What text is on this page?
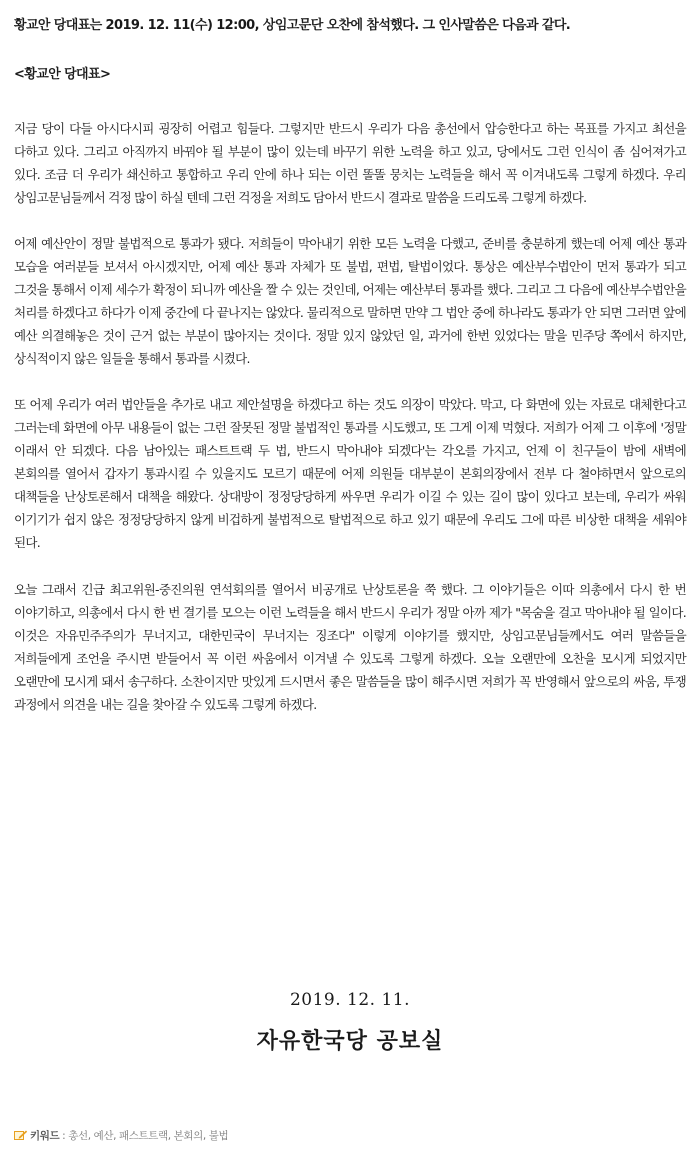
황교안 당대표는 2019. 12. 11(수) 12:00, 상임고문단 오찬에 참석했다. 그 인사말씀은 다음과 같다.

<황교안 당대표>

지금 당이 다들 아시다시피 굉장히 어렵고 힘들다. 그렇지만 반드시 우리가 다음 총선에서 압승한다고 하는 목표를 가지고 최선을 다하고 있다. 그리고 아직까지 바꿔야 될 부분이 많이 있는데 바꾸기 위한 노력을 하고 있고, 당에서도 그런 인식이 좀 심어져가고 있다. 조금 더 우리가 쇄신하고 통합하고 우리 안에 하나 되는 이런 똘똘 뭉치는 노력들을 해서 꼭 이겨내도록 그렇게 하겠다. 우리 상임고문님들께서 걱정 많이 하실 텐데 그런 걱정을 저희도 담아서 반드시 결과로 말씀을 드리도록 그렇게 하겠다.

어제 예산안이 정말 불법적으로 통과가 됐다. 저희들이 막아내기 위한 모든 노력을 다했고, 준비를 충분하게 했는데 어제 예산 통과 모습을 여러분들 보셔서 아시겠지만, 어제 예산 통과 자체가 또 불법, 편법, 탈법이었다. 통상은 예산부수법안이 먼저 통과가 되고 그것을 통해서 이제 세수가 확정이 되니까 예산을 짤 수 있는 것인데, 어제는 예산부터 통과를 했다. 그리고 그 다음에 예산부수법안을 처리를 하겠다고 하다가 이제 중간에 다 끝나지는 않았다. 물리적으로 말하면 만약 그 법안 중에 하나라도 통과가 안 되면 그러면 앞에 예산 의결해놓은 것이 근거 없는 부분이 많아지는 것이다. 정말 있지 않았던 일, 과거에 한번 있었다는 말을 민주당 쪽에서 하지만, 상식적이지 않은 일들을 통해서 통과를 시켰다.

또 어제 우리가 여러 법안들을 추가로 내고 제안설명을 하겠다고 하는 것도 의장이 막았다. 막고, 다 화면에 있는 자료로 대체한다고 그러는데 화면에 아무 내용들이 없는 그런 잘못된 정말 불법적인 통과를 시도했고, 또 그게 이제 먹혔다. 저희가 어제 그 이후에 '정말 이래서 안 되겠다. 다음 남아있는 패스트트랙 두 법, 반드시 막아내야 되겠다'는 각오를 가지고, 언제 이 친구들이 밤에 새벽에 본회의를 열어서 갑자기 통과시킬 수 있을지도 모르기 때문에 어제 의원들 대부분이 본회의장에서 전부 다 철야하면서 앞으로의 대책들을 난상토론해서 대책을 해왔다. 상대방이 정정당당하게 싸우면 우리가 이길 수 있는 길이 많이 있다고 보는데, 우리가 싸워 이기기가 쉽지 않은 정정당당하지 않게 비겁하게 불법적으로 탈법적으로 하고 있기 때문에 우리도 그에 따른 비상한 대책을 세워야 된다.

오늘 그래서 긴급 최고위원-중진의원 연석회의를 열어서 비공개로 난상토론을 쭉 했다. 그 이야기들은 이따 의총에서 다시 한 번 이야기하고, 의총에서 다시 한 번 결기를 모으는 이런 노력들을 해서 반드시 우리가 정말 아까 제가 "목숨을 걸고 막아내야 될 일이다. 이것은 자유민주주의가 무너지고, 대한민국이 무너지는 징조다" 이렇게 이야기를 했지만, 상임고문님들께서도 여러 말씀들을 저희들에게 조언을 주시면 받들어서 꼭 이런 싸움에서 이겨낼 수 있도록 그렇게 하겠다. 오늘 오랜만에 오찬을 모시게 되었지만 오랜만에 모시게 돼서 송구하다. 소찬이지만 맛있게 드시면서 좋은 말씀들을 많이 해주시면 저희가 꼭 반영해서 앞으로의 싸움, 투쟁 과정에서 의견을 내는 길을 찾아갈 수 있도록 그렇게 하겠다.

2019. 12. 11.
자유한국당 공보실
키워드 : 총선, 예산, 패스트트랙, 본회의, 불법
